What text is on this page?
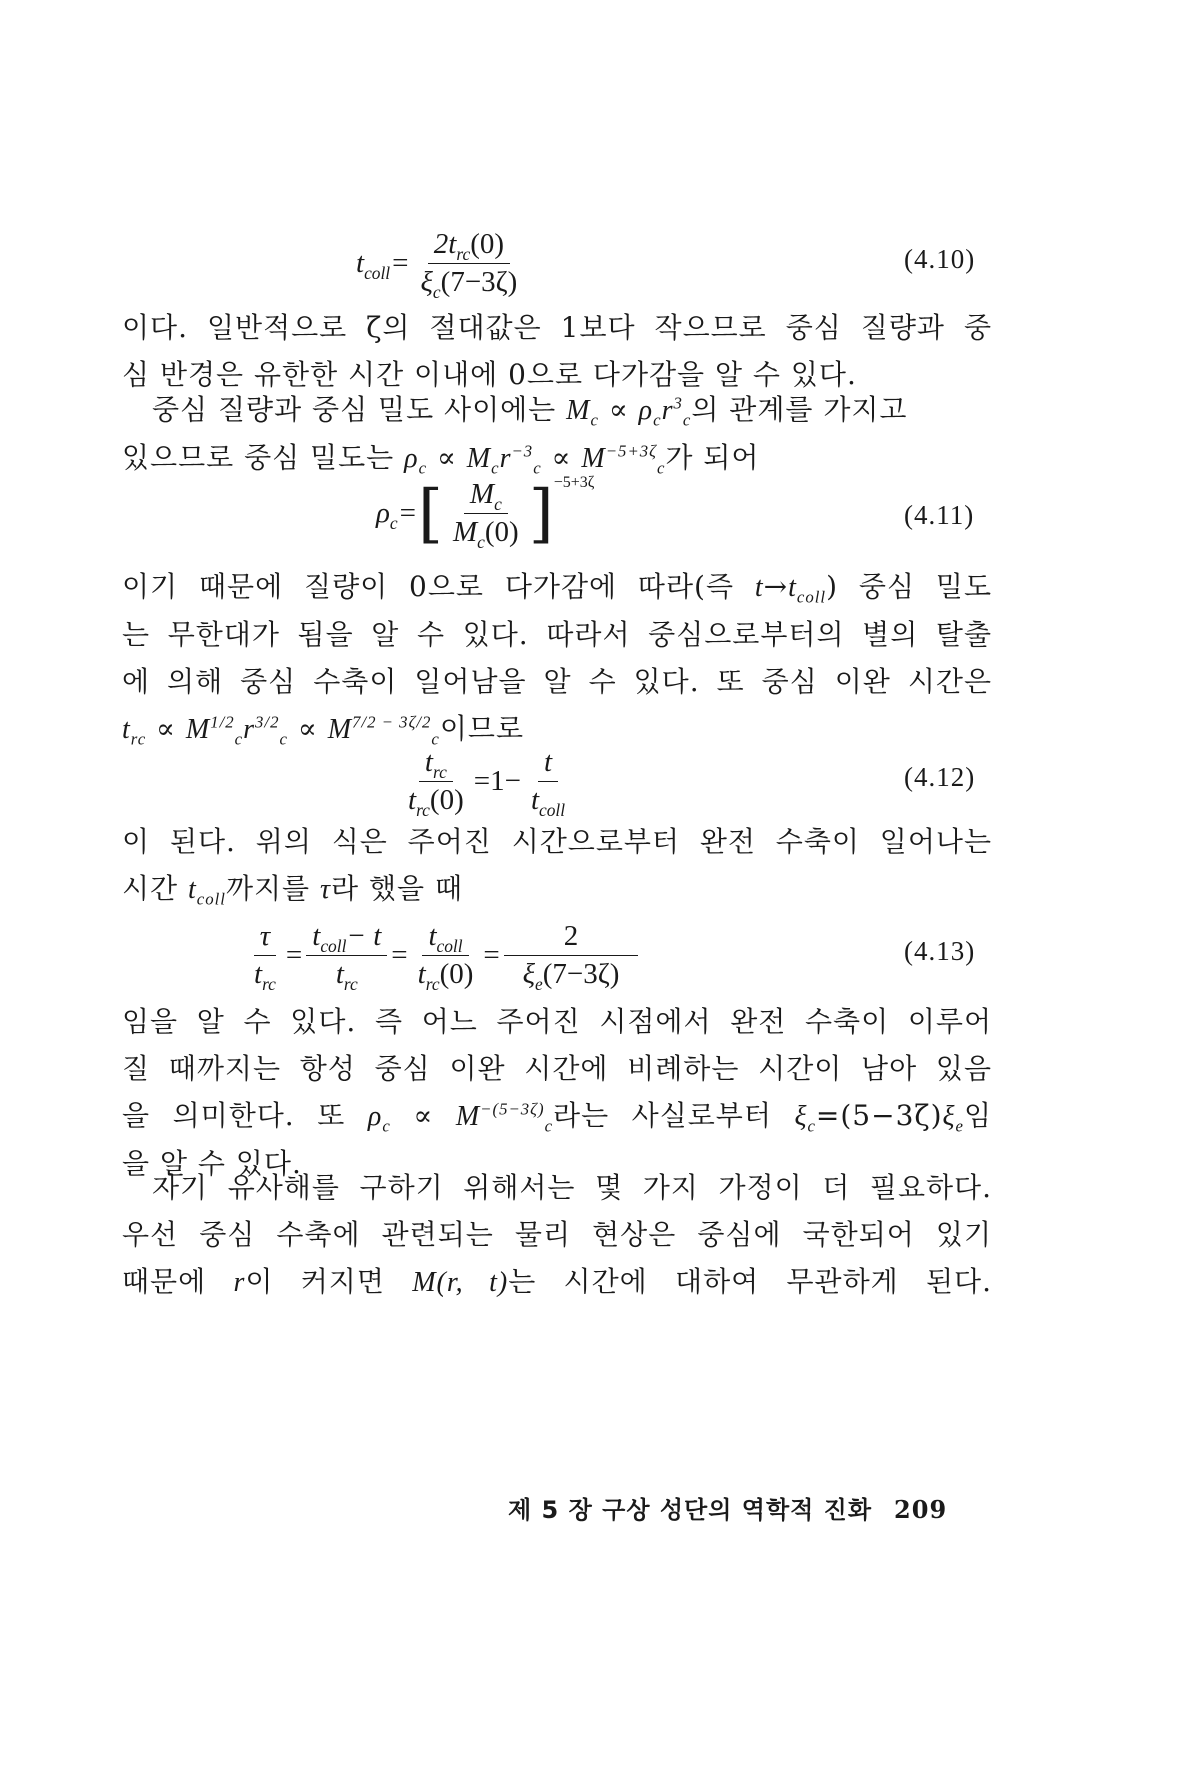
$t_{coll} = \frac{2t_{rc}(0)}{\xi_c(7-3\zeta)}$	(4.10)
이다. 일반적으로 ζ의 절대값은 1보다 작으므로 중심 질량과 중
심 반경은 유한한 시간 이내에 0으로 다가감을 알 수 있다.
중심 질량과 중심 밀도 사이에는 $M_c \propto \rho_cr^3_c$의 관계를 가지고
있으므로 중심 밀도는 $\rho_c \propto M_cr^{-3}_c \propto M^{-5+3\zeta}_c$가 되어
$\rho_c$ = [ $\frac{M_c}{M_c(0)}$ ] −5+3ζ
(4.11)
이기 때문에 질량이 0으로 다가감에 따라(즉 $t\to t_{coll}$) 중심 밀도
는 무한대가 됨을 알 수 있다. 따라서 중심으로부터의 별의 탈출
에 의해 중심 수축이 일어남을 알 수 있다. 또 중심 이완 시간은
$t_{rc} \propto M^{1/2}_cr^{3/2}_c \propto M^{7/2 - 3\zeta/2}_c$이므로
$\frac{t_{rc}}{t_{rc}(0)} =1- \frac{t}{t_{coll}}$	(4.12)
이 된다. 위의 식은 주어진 시간으로부터 완전 수축이 일어나는
시간 $t_{coll}$까지를 τ라 했을 때
$\frac{\tau}{t_{rc}} = \frac{t_{coll}- t}{t_{rc}} = \frac{t_{coll}}{t_{rc}(0)} = \frac{2}{\xi_e(7-3\zeta)}$	(4.13)
임을 알 수 있다. 즉 어느 주어진 시점에서 완전 수축이 이루어
질 때까지는 항성 중심 이완 시간에 비례하는 시간이 남아 있음
을 의미한다. 또 $\rho_c \propto M^{-(5-3\zeta)}_c$라는 사실로부터 $\xi_c=(5-3\zeta)\xi_e$임
을 알 수 있다.
자기 유사해를 구하기 위해서는 몇 가지 가정이 더 필요하다.
우선 중심 수축에 관련되는 물리 현상은 중심에 국한되어 있기
때문에 r이 커지면 M(r, t)는 시간에 대하여 무관하게 된다.
제 5 장 구상 성단의 역학적 진화 209
